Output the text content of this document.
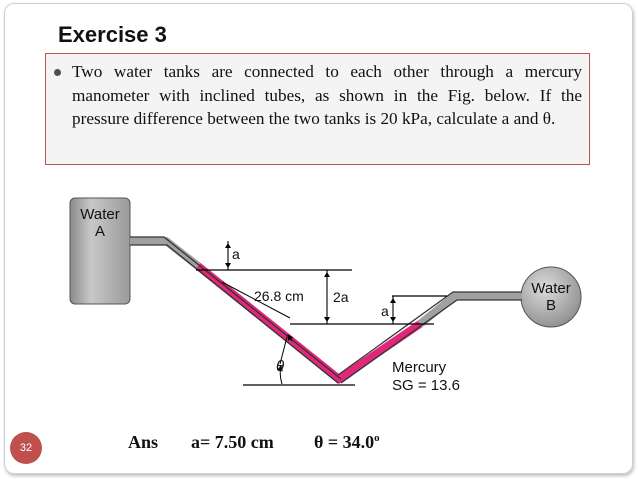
Exercise 3
Two water tanks are connected to each other through a mercury manometer with inclined tubes, as shown in the Fig. below. If the pressure difference between the two tanks is 20 kPa, calculate a and θ.
Water
A
Water
B
a
2a
a
26.8 cm
θ	Mercury
SG = 13.6
32	Ans a= 7.50 cm $\theta = 34.0^o$
